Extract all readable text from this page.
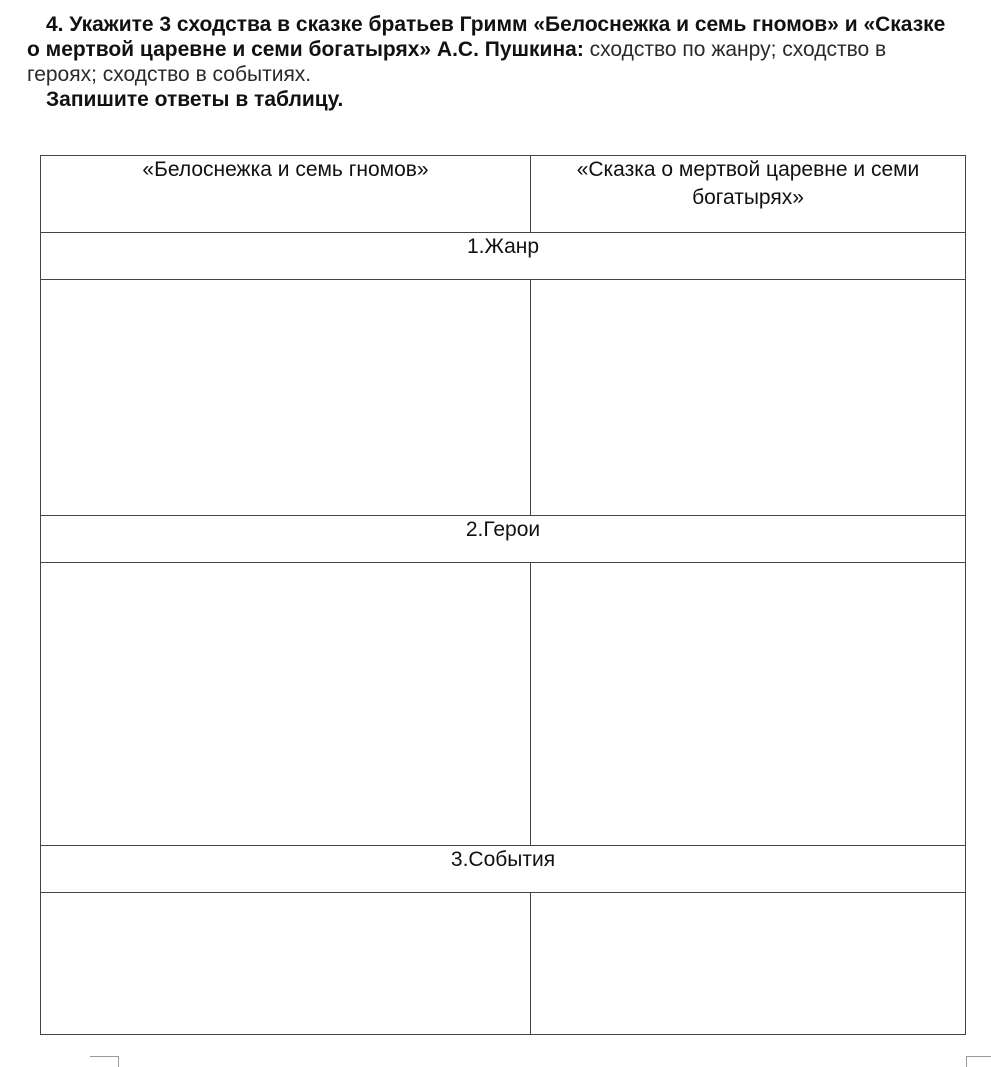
4. Укажите 3 сходства в сказке братьев Гримм «Белоснежка и семь гномов» и «Сказке

о мертвой царевне и семи богатырях» А.С. Пушкина: сходство по жанру; сходство в

героях; сходство в событиях.

Запишите ответы в таблицу.

«Белоснежка и семь гномов»	«Сказка о мертвой царевне и семи богатырях»

1.Жанр	

2.Герои	

3.События	
